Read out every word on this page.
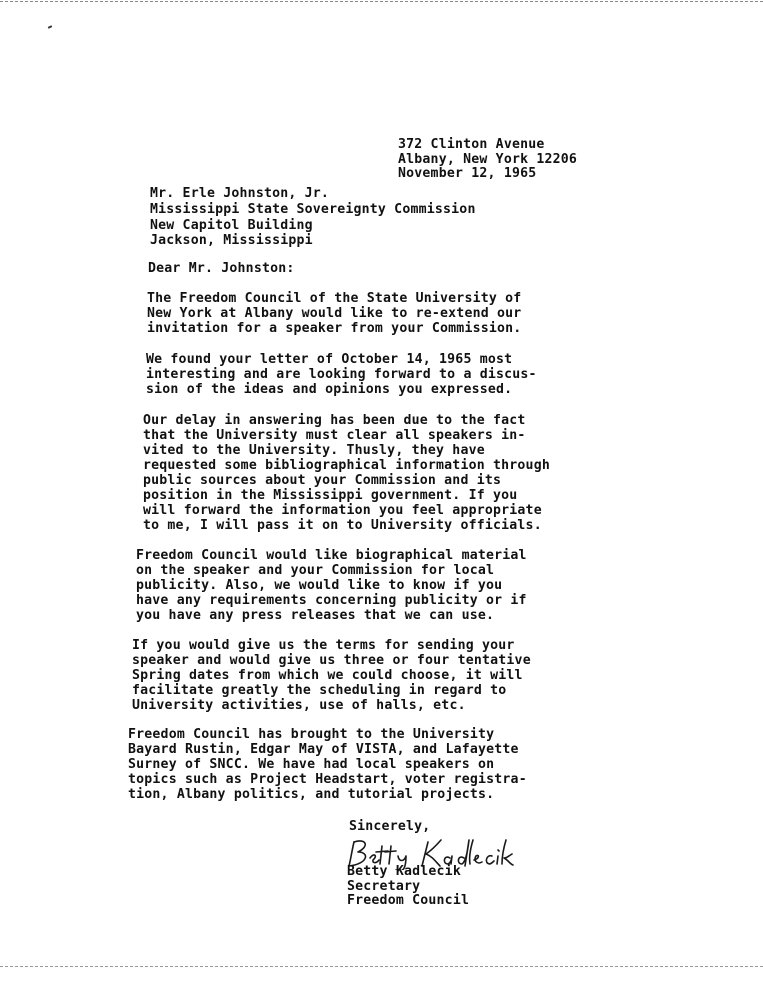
372 Clinton Avenue
Albany, New York 12206
November 12, 1965
Mr. Erle Johnston, Jr.
Mississippi State Sovereignty Commission
New Capitol Building
Jackson, Mississippi
Dear Mr. Johnston:
The Freedom Council of the State University of
New York at Albany would like to re-extend our
invitation for a speaker from your Commission.
We found your letter of October 14, 1965 most
interesting and are looking forward to a discus-
sion of the ideas and opinions you expressed.
Our delay in answering has been due to the fact
that the University must clear all speakers in-
vited to the University. Thusly, they have
requested some bibliographical information through
public sources about your Commission and its
position in the Mississippi government. If you
will forward the information you feel appropriate
to me, I will pass it on to University officials.
Freedom Council would like biographical material
on the speaker and your Commission for local
publicity. Also, we would like to know if you
have any requirements concerning publicity or if
you have any press releases that we can use.
If you would give us the terms for sending your
speaker and would give us three or four tentative
Spring dates from which we could choose, it will
facilitate greatly the scheduling in regard to
University activities, use of halls, etc.
Freedom Council has brought to the University
Bayard Rustin, Edgar May of VISTA, and Lafayette
Surney of SNCC. We have had local speakers on
topics such as Project Headstart, voter registra-
tion, Albany politics, and tutorial projects.
Sincerely,
Betty Kadlecik
Secretary
Freedom Council
